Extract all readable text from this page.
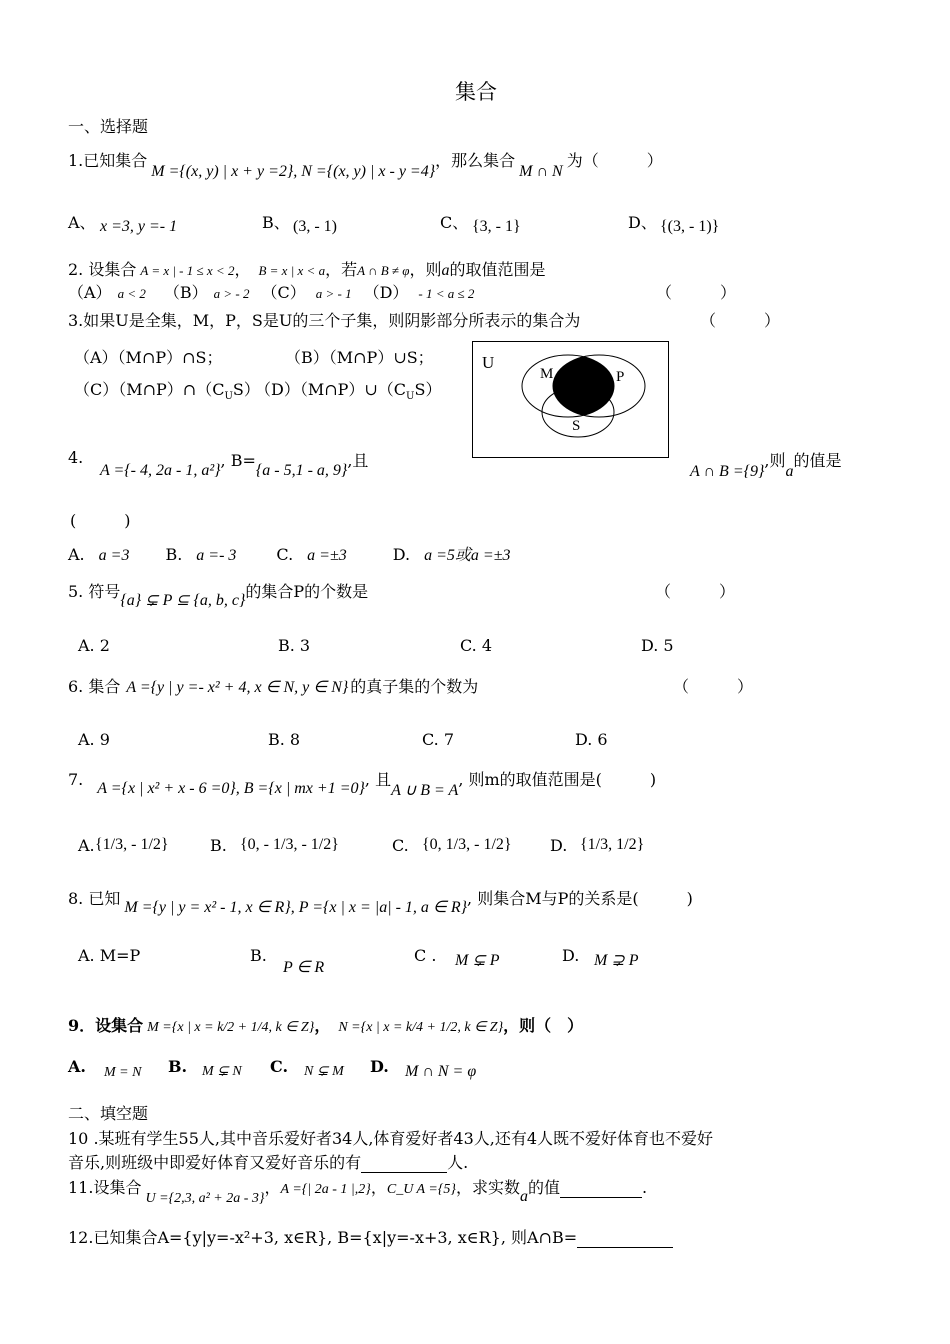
集合
一、选择题
1.已知集合M ={(x, y) | x + y =2}, N ={(x, y) | x - y =4}，那么集合M ∩ N为（　　　）
A、 x =3, y =- 1	B、 (3, - 1)	C、 {3, - 1}	D、 {(3, - 1)}
2. 设集合 A = x | - 1 ≤ x < 2， B = x | x < a，若A ∩ B ≠ φ，则a的取值范围是
（A） a < 2 （B） a > - 2 （C） a > - 1 （D） - 1 < a ≤ 2	（　　　）
3.如果U是全集，M，P，S是U的三个子集，则阴影部分所表示的集合为	（　　　）
（A）（M∩P）∩S；	（B）（M∩P）∪S；
$(C)(M\cap P)\cap(C_US)$
$(D)(M\cap P)\cup(C_US)$
U
M	P
S
4.
A ={- 4, 2a - 1, a²}, B={a - 5,1 - a, 9},且
A ∩ B ={9},则a的值是
(　　　)
A. a =3 B. a =- 3	C. a =±3	D. a =5或a =±3
5. 符号{a} ⊊ P ⊆ {a, b, c}的集合P的个数是	（　　　）
A. 2	B. 3	C. 4	D. 5
6. 集合 A ={y | y =- x² + 4, x ∈ N, y ∈ N} 的真子集的个数为	（　　　）
A. 9	B. 8	C. 7	D. 6
7. A ={x | x² + x - 6 =0}, B ={x | mx +1 =0}, 且A ∪ B = A, 则m的取值范围是(　　　)
A. {1/3, - 1/2}	B. {0, - 1/3, - 1/2}	C. {0, 1/3, - 1/2} D. {1/3, 1/2}
8. 已知 M ={y | y = x² - 1, x ∈ R}, P ={x | x = |a| - 1, a ∈ R}, 则集合M与P的关系是(　　　)
A. M=P	B.
P ∈ R
C . M ⊊ P	D. M ⊋ P
9．设集合 M ={x | x = k/2 + 1/4, k ∈ Z}， N ={x | x = k/4 + 1/2, k ∈ Z}，则（　）
A. M = N B. M ⊊ N C. N ⊊ M D. M ∩ N = φ
二、填空题
10 .某班有学生55人,其中音乐爱好者34人,体育爱好者43人,还有4人既不爱好体育也不爱好
音乐,则班级中即爱好体育又爱好音乐的有	人.
11.设集合U ={2,3, a² + 2a - 3}，A ={| 2a - 1 |,2}，C_U A ={5}，求实数a的值	.
12.已知集合A={y|y=-x²+3, x∈R}, B={x|y=-x+3, x∈R}, 则A∩B=
